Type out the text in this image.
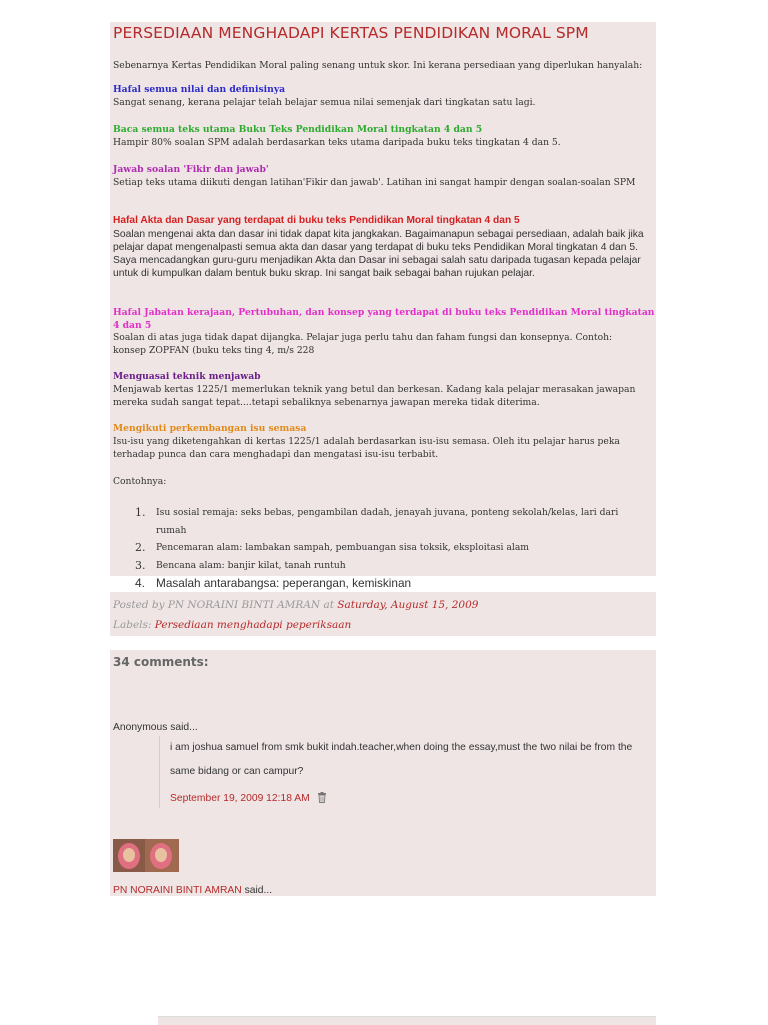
PERSEDIAAN MENGHADAPI KERTAS PENDIDIKAN MORAL SPM
Sebenarnya Kertas Pendidikan Moral paling senang untuk skor. Ini kerana persediaan yang diperlukan hanyalah:
Hafal semua nilai dan definisinya
Sangat senang, kerana pelajar telah belajar semua nilai semenjak dari tingkatan satu lagi.
Baca semua teks utama Buku Teks Pendidikan Moral tingkatan 4 dan 5
Hampir 80% soalan SPM adalah berdasarkan teks utama daripada buku teks tingkatan 4 dan 5.
Jawab soalan 'Fikir dan jawab'
Setiap teks utama diikuti dengan latihan'Fikir dan jawab'. Latihan ini sangat hampir dengan soalan-soalan SPM
Hafal Akta dan Dasar yang terdapat di buku teks Pendidikan Moral tingkatan 4 dan 5
Soalan mengenai akta dan dasar ini tidak dapat kita jangkakan. Bagaimanapun sebagai persediaan, adalah baik jika pelajar dapat mengenalpasti semua akta dan dasar yang terdapat di buku teks Pendidikan Moral tingkatan 4 dan 5. Saya mencadangkan guru-guru menjadikan Akta dan Dasar ini sebagai salah satu daripada tugasan kepada pelajar untuk di kumpulkan dalam bentuk buku skrap. Ini sangat baik sebagai bahan rujukan pelajar.
Hafal Jabatan kerajaan, Pertubuhan, dan konsep yang terdapat di buku teks Pendidikan Moral tingkatan 4 dan 5
Soalan di atas juga tidak dapat dijangka. Pelajar juga perlu tahu dan faham fungsi dan konsepnya. Contoh: konsep ZOPFAN (buku teks ting 4, m/s 228
Menguasai teknik menjawab
Menjawab kertas 1225/1 memerlukan teknik yang betul dan berkesan. Kadang kala pelajar merasakan jawapan mereka sudah sangat tepat....tetapi sebaliknya sebenarnya jawapan mereka tidak diterima.
Mengikuti perkembangan isu semasa
Isu-isu yang diketengahkan di kertas 1225/1 adalah berdasarkan isu-isu semasa. Oleh itu pelajar harus peka terhadap punca dan cara menghadapi dan mengatasi isu-isu terbabit.
Contohnya:
1. Isu sosial remaja: seks bebas, pengambilan dadah, jenayah juvana, ponteng sekolah/kelas, lari dari rumah
2. Pencemaran alam: lambakan sampah, pembuangan sisa toksik, eksploitasi alam
3. Bencana alam: banjir kilat, tanah runtuh
4. Masalah antarabangsa: peperangan, kemiskinan
Posted by PN NORAINI BINTI AMRAN at Saturday, August 15, 2009
Labels: Persediaan menghadapi peperiksaan
34 comments:
Anonymous said...
i am joshua samuel from smk bukit indah.teacher,when doing the essay,must the two nilai be from the same bidang or can campur?
September 19, 2009 12:18 AM
PN NORAINI BINTI AMRAN said...
